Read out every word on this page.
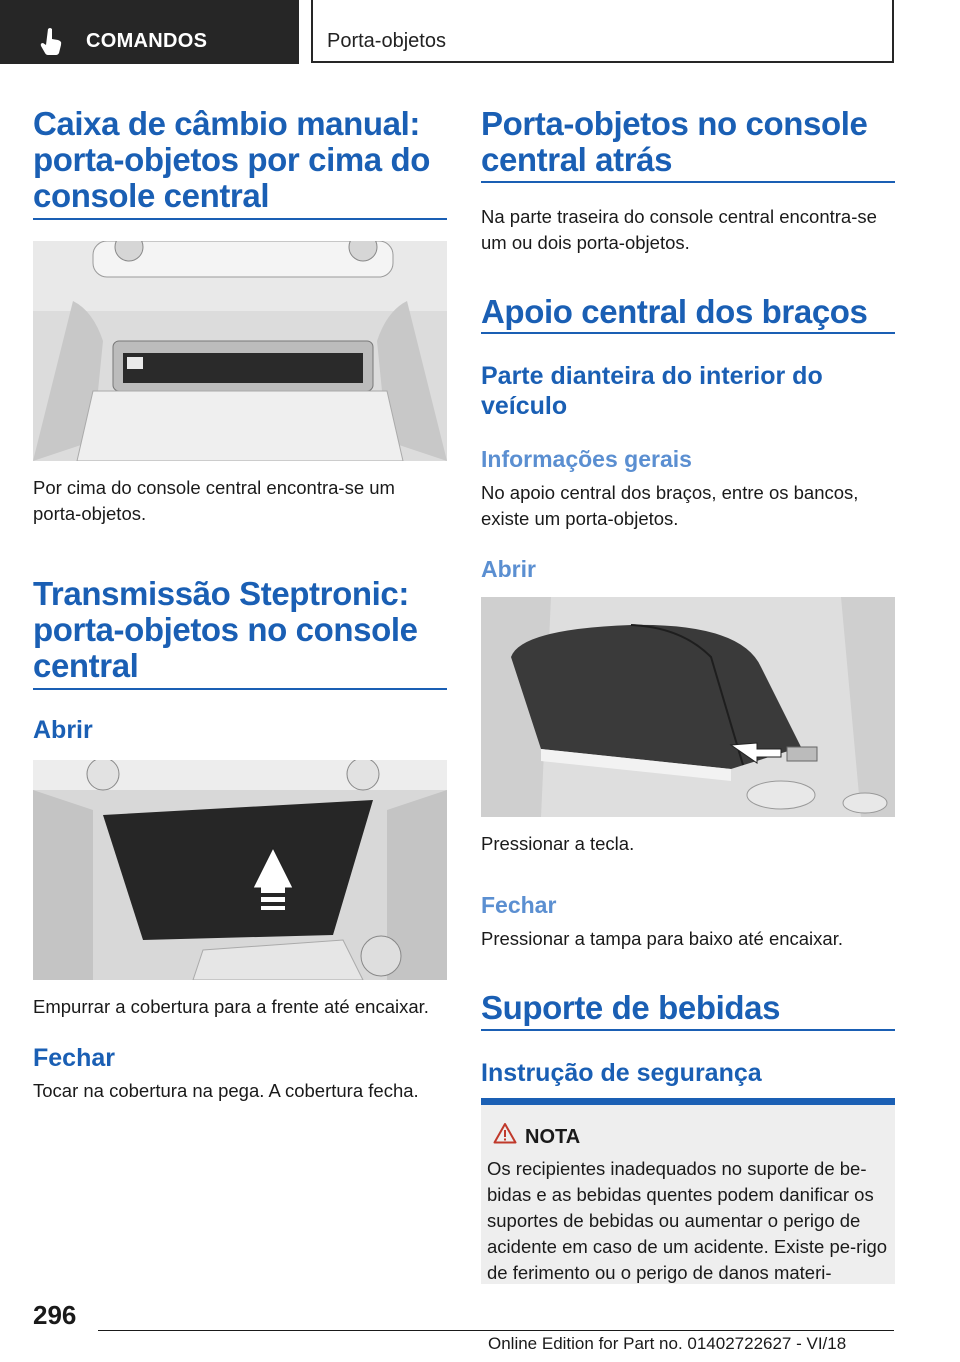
COMANDOS	Porta-objetos
Caixa de câmbio manual: porta-objetos por cima do console central

Por cima do console central encontra-se um porta-objetos.

Transmissão Steptronic: porta-objetos no console central
Abrir

Empurrar a cobertura para a frente até encaixar.

Fechar

Tocar na cobertura na pega. A cobertura fecha.

Porta-objetos no console central atrás

Na parte traseira do console central encontra-se um ou dois porta-objetos.

Apoio central dos braços
Parte dianteira do interior do veículo
Informações gerais

No apoio central dos braços, entre os bancos, existe um porta-objetos.

Abrir

Pressionar a tecla.

Fechar

Pressionar a tampa para baixo até encaixar.

Suporte de bebidas
Instrução de segurança
NOTA

Os recipientes inadequados no suporte de be-bidas e as bebidas quentes podem danificar os suportes de bebidas ou aumentar o perigo de acidente em caso de um acidente. Existe pe-rigo de ferimento ou o perigo de danos materi-

296
Online Edition for Part no. 01402722627 - VI/18
